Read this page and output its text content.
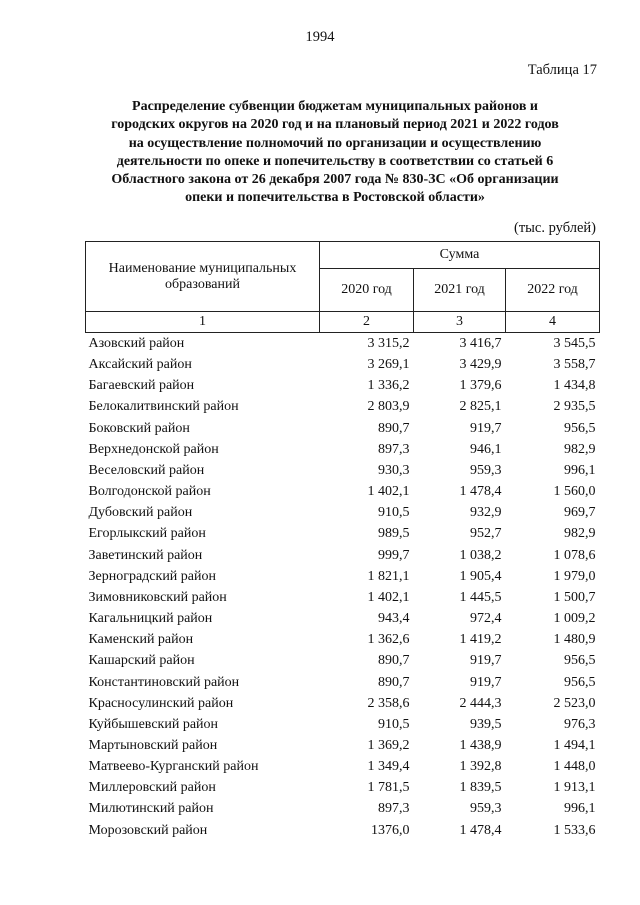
1994
Таблица 17
Распределение субвенции бюджетам муниципальных районов и
городских округов на 2020 год и на плановый период 2021 и 2022 годов
на осуществление полномочий по организации и осуществлению
деятельности по опеке и попечительству в соответствии со статьей 6
Областного закона от 26 декабря 2007 года № 830-ЗС «Об организации
опеки и попечительства в Ростовской области»
(тыс. рублей)
Наименование муниципальных образований	Сумма		
	2020 год	2021 год	2022 год
1	2	3	4
Азовский район	3 315,2	3 416,7	3 545,5
Аксайский район	3 269,1	3 429,9	3 558,7
Багаевский район	1 336,2	1 379,6	1 434,8
Белокалитвинский район	2 803,9	2 825,1	2 935,5
Боковский район	890,7	919,7	956,5
Верхнедонской район	897,3	946,1	982,9
Веселовский район	930,3	959,3	996,1
Волгодонской район	1 402,1	1 478,4	1 560,0
Дубовский район	910,5	932,9	969,7
Егорлыкский район	989,5	952,7	982,9
Заветинский район	999,7	1 038,2	1 078,6
Зерноградский район	1 821,1	1 905,4	1 979,0
Зимовниковский район	1 402,1	1 445,5	1 500,7
Кагальницкий район	943,4	972,4	1 009,2
Каменский район	1 362,6	1 419,2	1 480,9
Кашарский район	890,7	919,7	956,5
Константиновский район	890,7	919,7	956,5
Красносулинский район	2 358,6	2 444,3	2 523,0
Куйбышевский район	910,5	939,5	976,3
Мартыновский район	1 369,2	1 438,9	1 494,1
Матвеево-Курганский район	1 349,4	1 392,8	1 448,0
Миллеровский район	1 781,5	1 839,5	1 913,1
Милютинский район	897,3	959,3	996,1
Морозовский район	1376,0	1 478,4	1 533,6
